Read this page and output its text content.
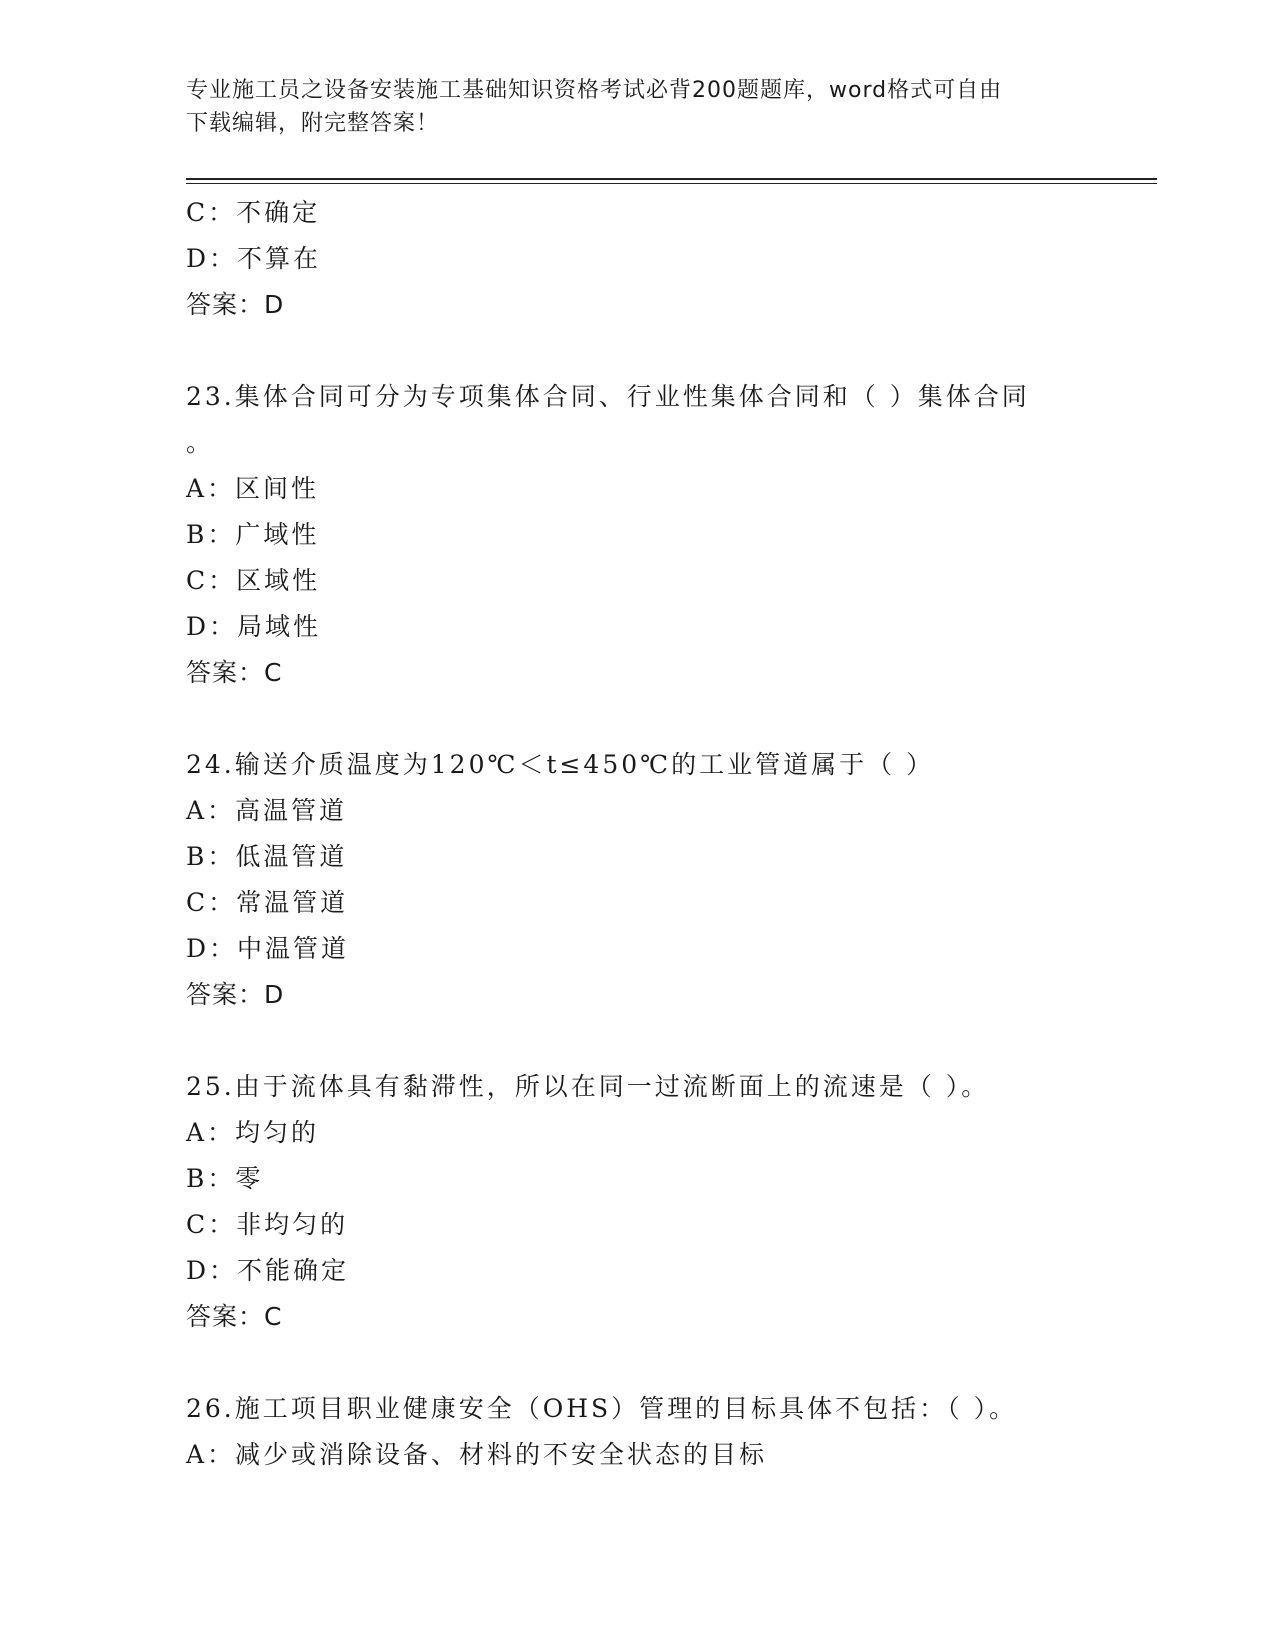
专业施工员之设备安装施工基础知识资格考试必背200题题库，word格式可自由
下载编辑，附完整答案！
C：不确定
D：不算在
答案：D
23.集体合同可分为专项集体合同、行业性集体合同和（ ）集体合同
。
A：区间性
B：广域性
C：区域性
D：局域性
答案：C
24.输送介质温度为120℃＜t≤450℃的工业管道属于（ ）
A：高温管道
B：低温管道
C：常温管道
D：中温管道
答案：D
25.由于流体具有黏滞性，所以在同一过流断面上的流速是（ ）。
A：均匀的
B：零
C：非均匀的
D：不能确定
答案：C
26.施工项目职业健康安全（OHS）管理的目标具体不包括：（ ）。
A：减少或消除设备、材料的不安全状态的目标
